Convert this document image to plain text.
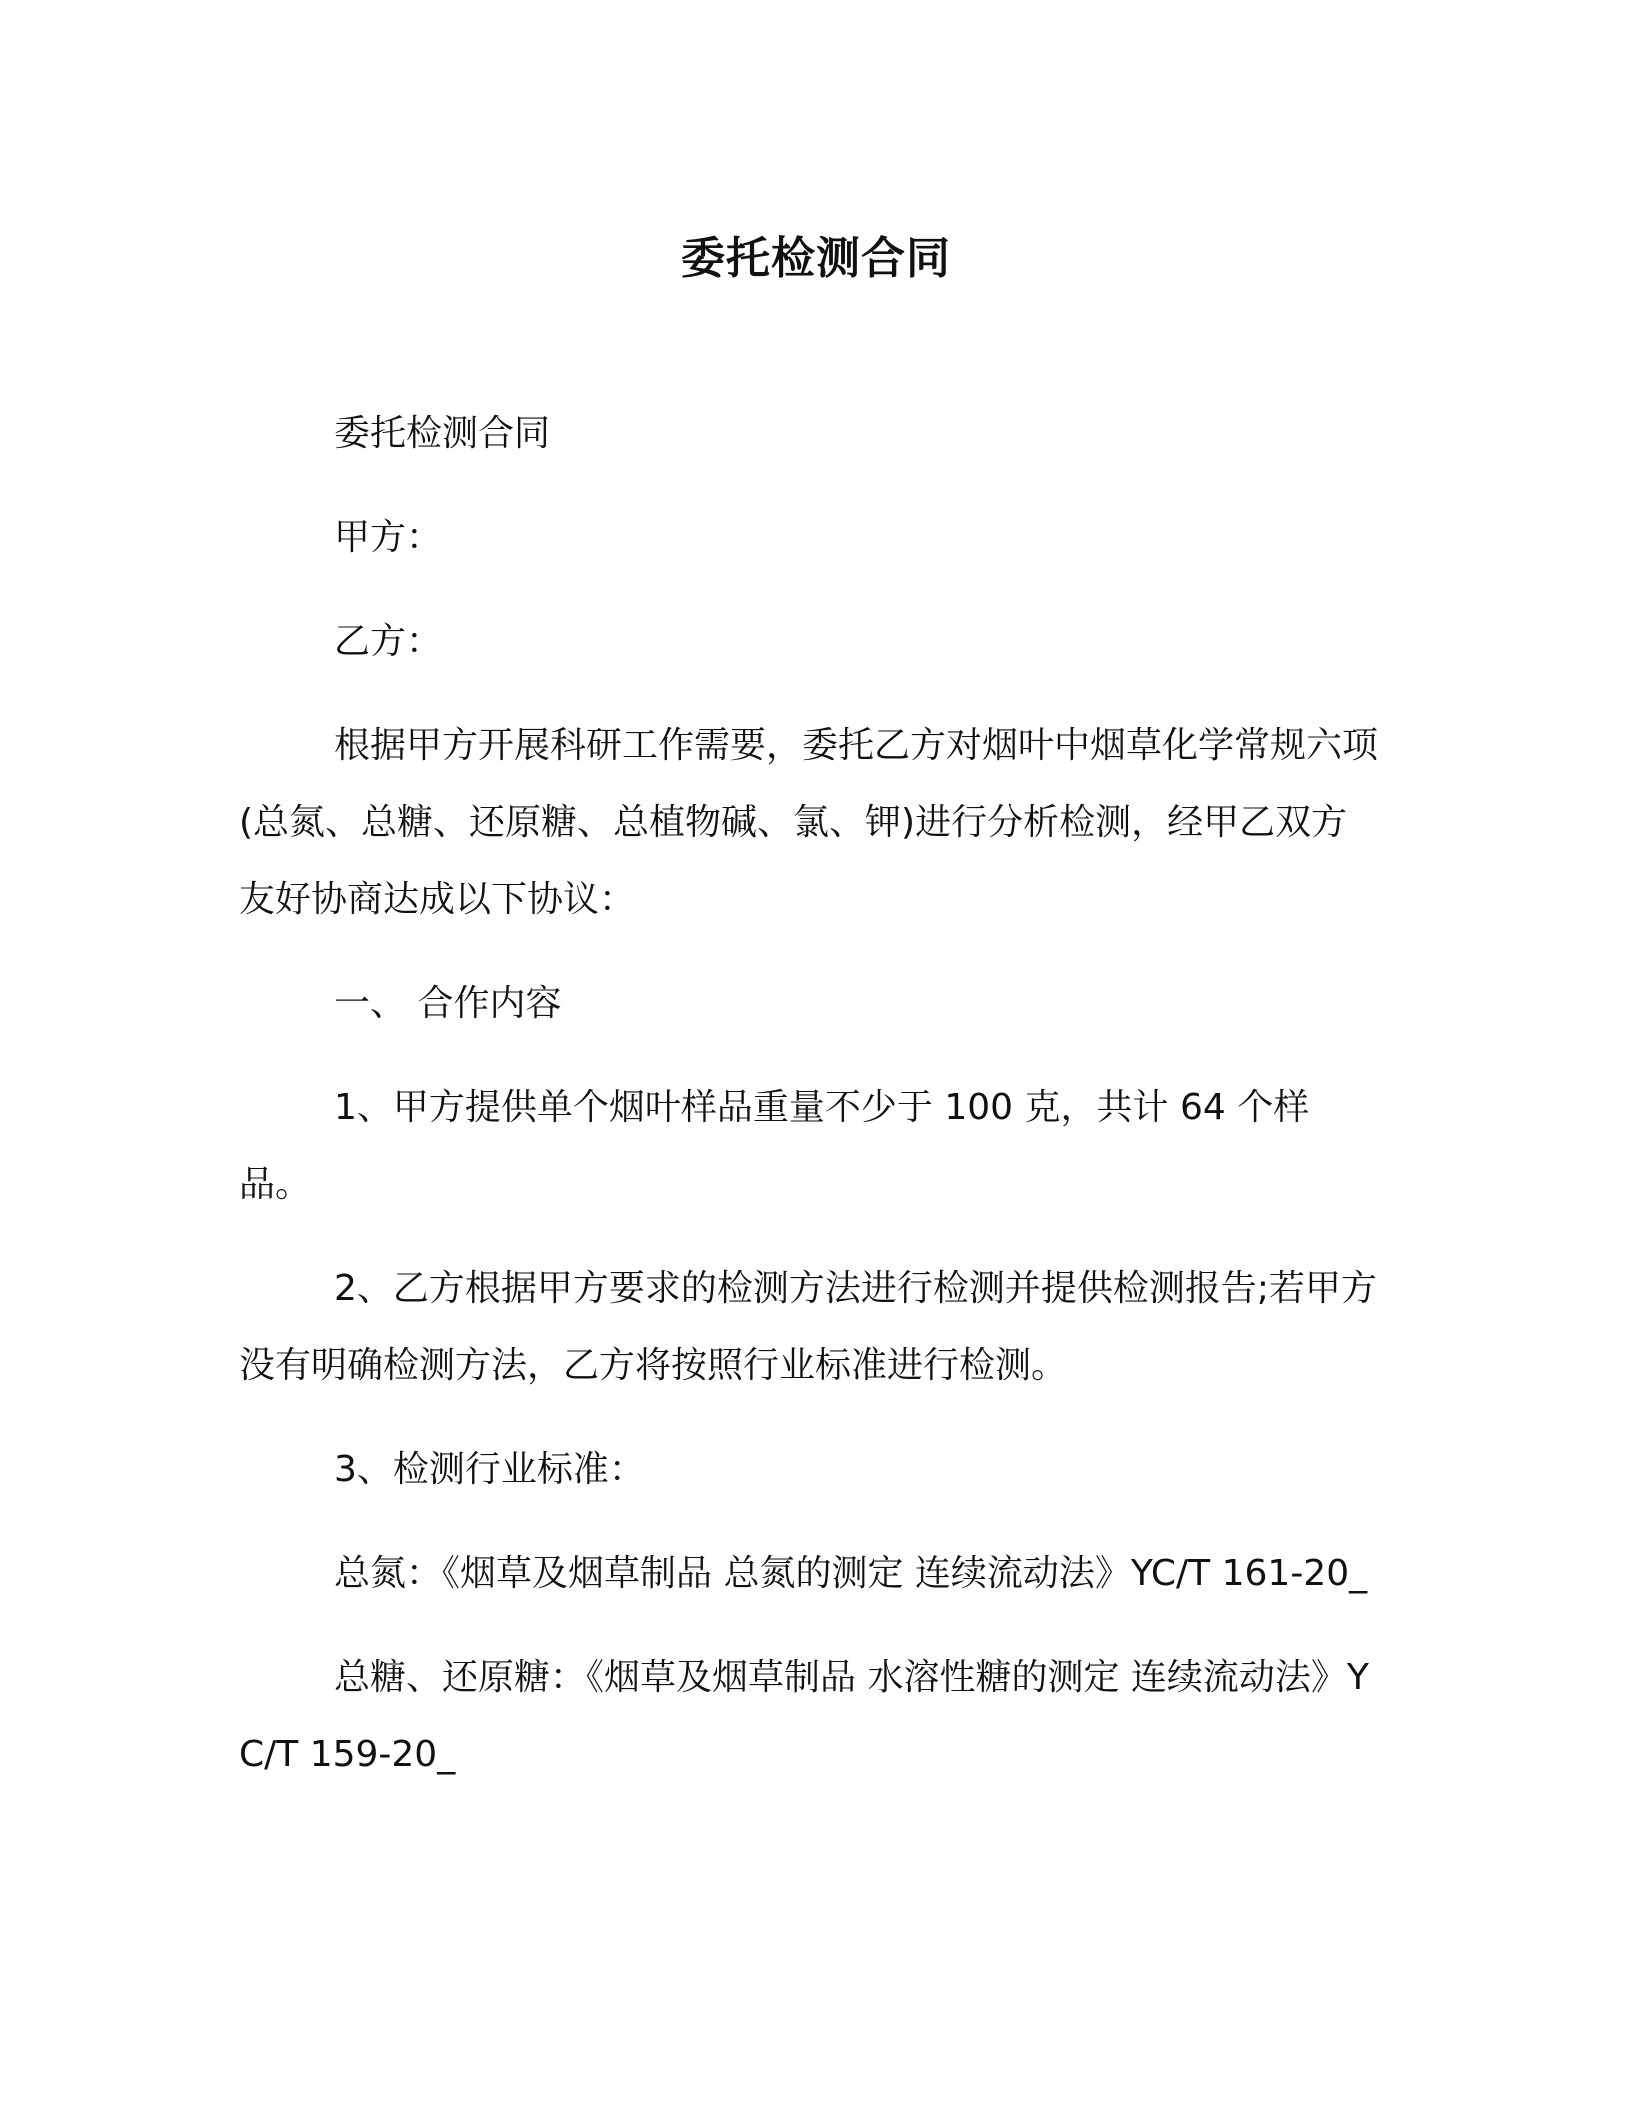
委托检测合同

委托检测合同

甲方：

乙方：

根据甲方开展科研工作需要，委托乙方对烟叶中烟草化学常规六项(总氮、总糖、还原糖、总植物碱、氯、钾)进行分析检测，经甲乙双方友好协商达成以下协议：

一、 合作内容

1、甲方提供单个烟叶样品重量不少于 100 克，共计 64 个样品。

2、乙方根据甲方要求的检测方法进行检测并提供检测报告;若甲方没有明确检测方法，乙方将按照行业标准进行检测。

3、检测行业标准：

总氮：《烟草及烟草制品 总氮的测定 连续流动法》YC/T 161-20_

总糖、还原糖：《烟草及烟草制品 水溶性糖的测定 连续流动法》YC/T 159-20_
